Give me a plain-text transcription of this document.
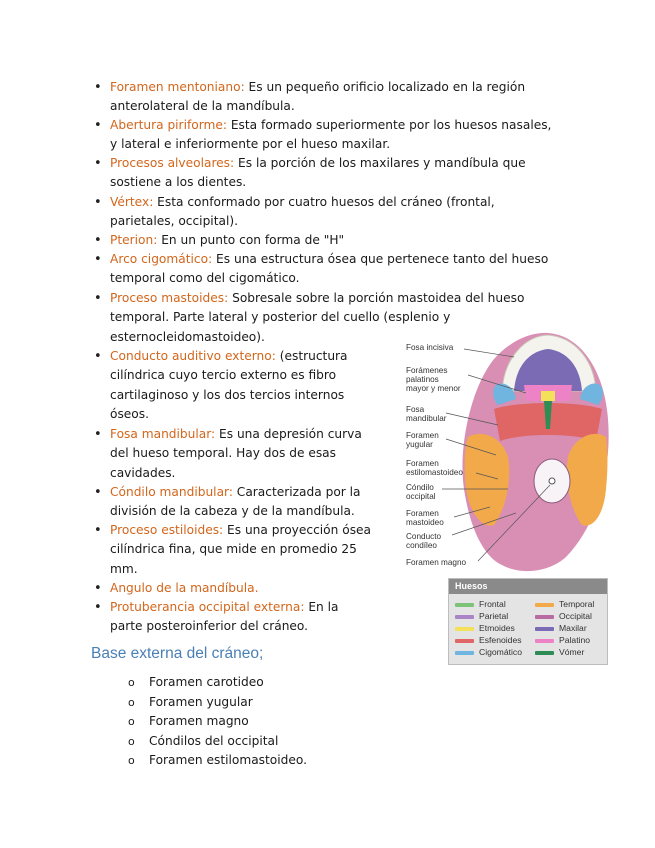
• Foramen mentoniano: Es un pequeño orificio localizado en la región
anterolateral de la mandíbula.
• Abertura piriforme: Esta formado superiormente por los huesos nasales,
y lateral e inferiormente por el hueso maxilar.
• Procesos alveolares: Es la porción de los maxilares y mandíbula que
sostiene a los dientes.
• Vértex: Esta conformado por cuatro huesos del cráneo (frontal,
parietales, occipital).
• Pterion: En un punto con forma de "H"
• Arco cigomático: Es una estructura ósea que pertenece tanto del hueso
temporal como del cigomático.
• Proceso mastoides: Sobresale sobre la porción mastoidea del hueso
temporal. Parte lateral y posterior del cuello (esplenio y
esternocleidomastoideo).
• Conducto auditivo externo: (estructura
cilíndrica cuyo tercio externo es fibro
cartilaginoso y los dos tercios internos
óseos.
• Fosa mandibular: Es una depresión curva
del hueso temporal. Hay dos de esas
cavidades.
• Cóndilo mandibular: Caracterizada por la
división de la cabeza y de la mandíbula.
• Proceso estiloides: Es una proyección ósea
cilíndrica fina, que mide en promedio 25
mm.
• Angulo de la mandíbula.
• Protuberancia occipital externa: En la
parte posteroinferior del cráneo.
Fosa incisiva
Forámenes
palatinos
mayor y menor
Fosa
mandibular
Foramen
yugular
Foramen
estilomastoideo
Cóndilo
occipital
Foramen
mastoideo
Conducto
condíleo
Foramen magno
Huesos
Frontal	Temporal
Parietal	Occipital
Etmoides	Maxilar
Esfenoides	Palatino
Cigomático	Vómer
Base externa del cráneo;
o Foramen carotideo
o Foramen yugular
o Foramen magno
o Cóndilos del occipital
o Foramen estilomastoideo.
